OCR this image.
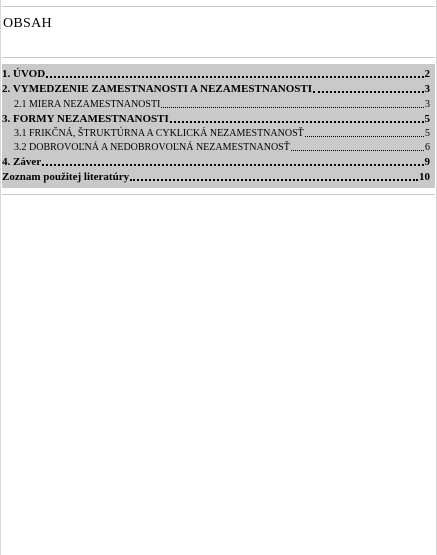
OBSAH
1. ÚVOD	2
2. VYMEDZENIE ZAMESTNANOSTI A NEZAMESTNANOSTI	3
2.1 MIERA NEZAMESTNANOSTI	3
3. FORMY NEZAMESTNANOSTI	5
3.1 FRIKČNÁ, ŠTRUKTÚRNA A CYKLICKÁ NEZAMESTNANOSŤ	5
3.2 DOBROVOĽNÁ A NEDOBROVOĽNÁ NEZAMESTNANOSŤ	6
4. Záver	9
Zoznam použitej literatúry	10
